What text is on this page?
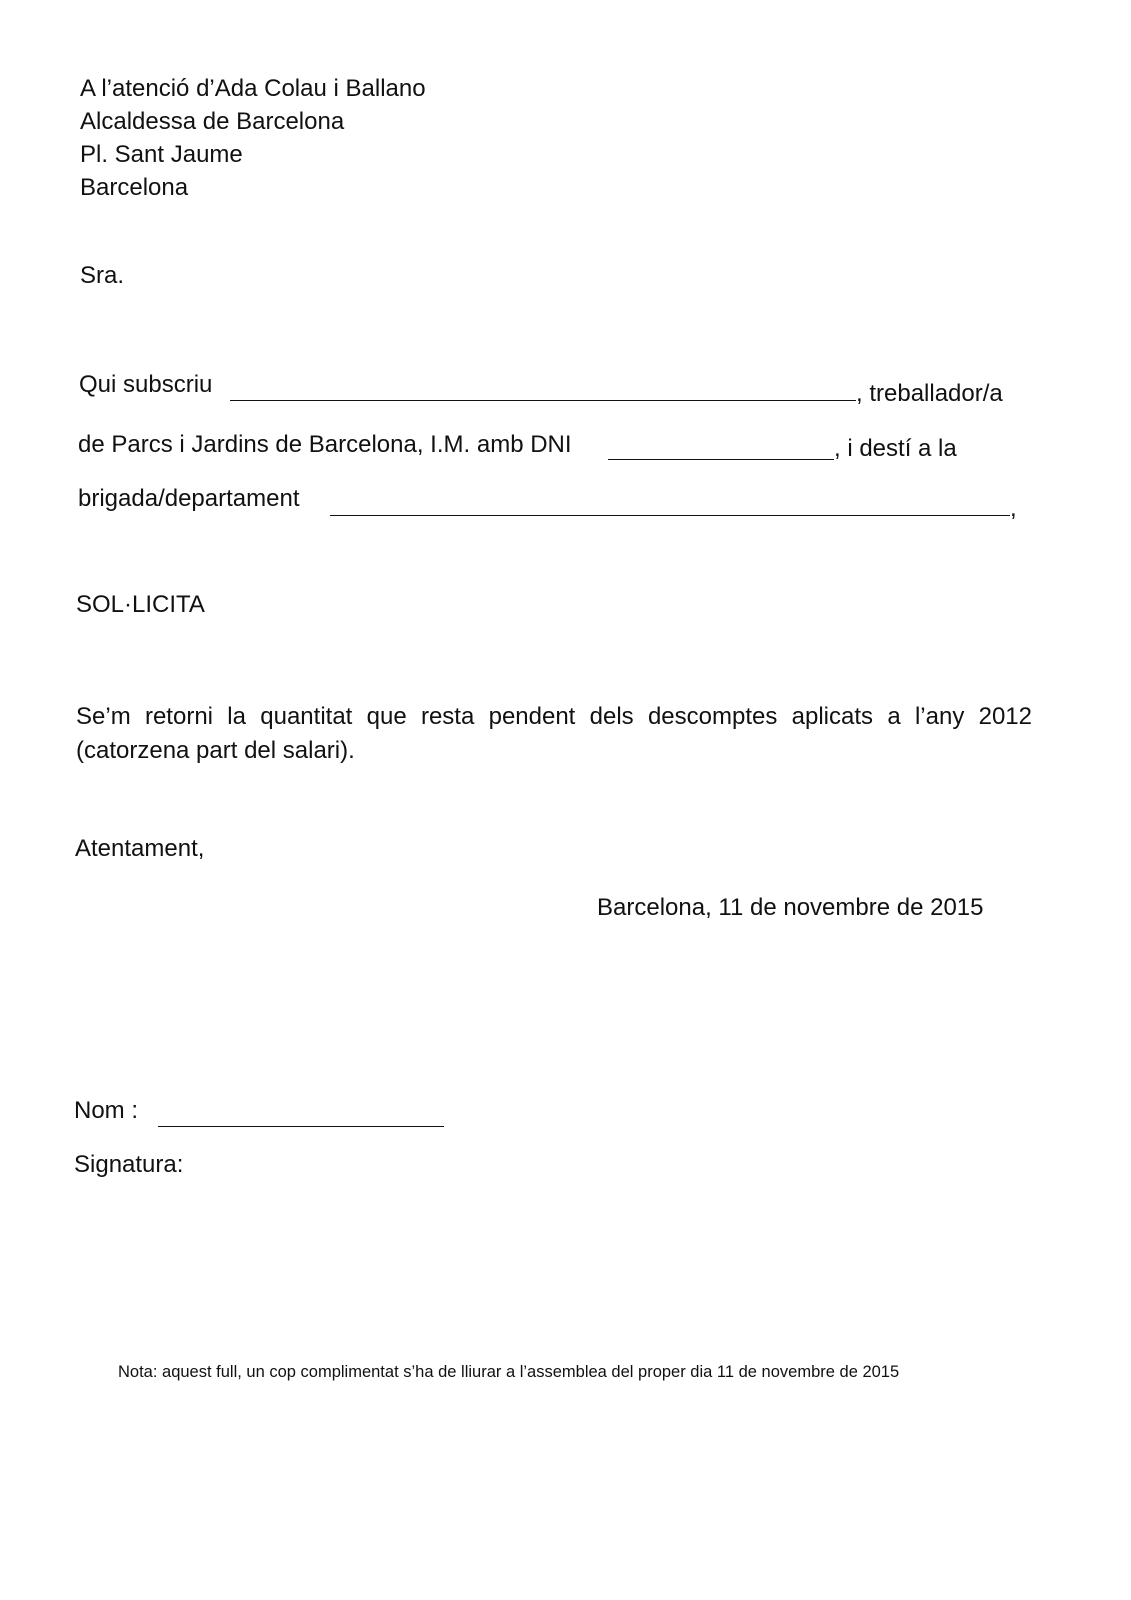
A l’atenció d’Ada Colau i Ballano
Alcaldessa de Barcelona
Pl. Sant Jaume
Barcelona
Sra.
Qui subscriu	, treballador/a
de Parcs i Jardins de Barcelona, I.M. amb DNI	, i destí a la
brigada/departament	,
SOL·LICITA
Se’m retorni la quantitat que resta pendent dels descomptes aplicats a l’any 2012 (catorzena part del salari).
Atentament,
Barcelona, 11 de novembre de 2015
Nom :
Signatura:
Nota: aquest full, un cop complimentat s’ha de lliurar a l’assemblea del proper dia 11 de novembre de 2015
